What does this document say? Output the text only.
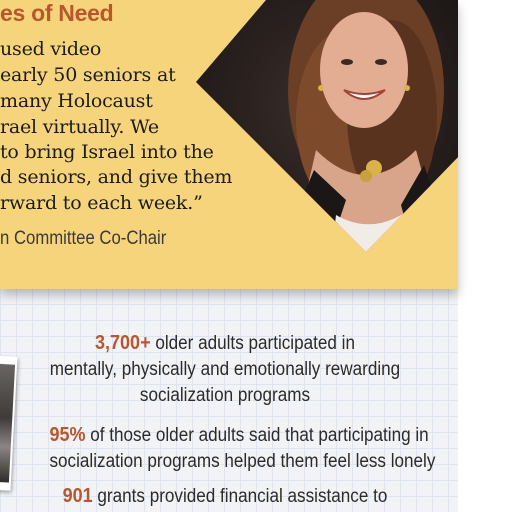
es of Need
used video
early 50 seniors at
many Holocaust
rael virtually. We
to bring Israel into the
d seniors, and give them
rward to each week.”
n Committee Co-Chair
3,700+ older adults participated in
mentally, physically and emotionally rewarding
socialization programs
95% of those older adults said that participating in
socialization programs helped them feel less lonely
901 grants provided financial assistance to
